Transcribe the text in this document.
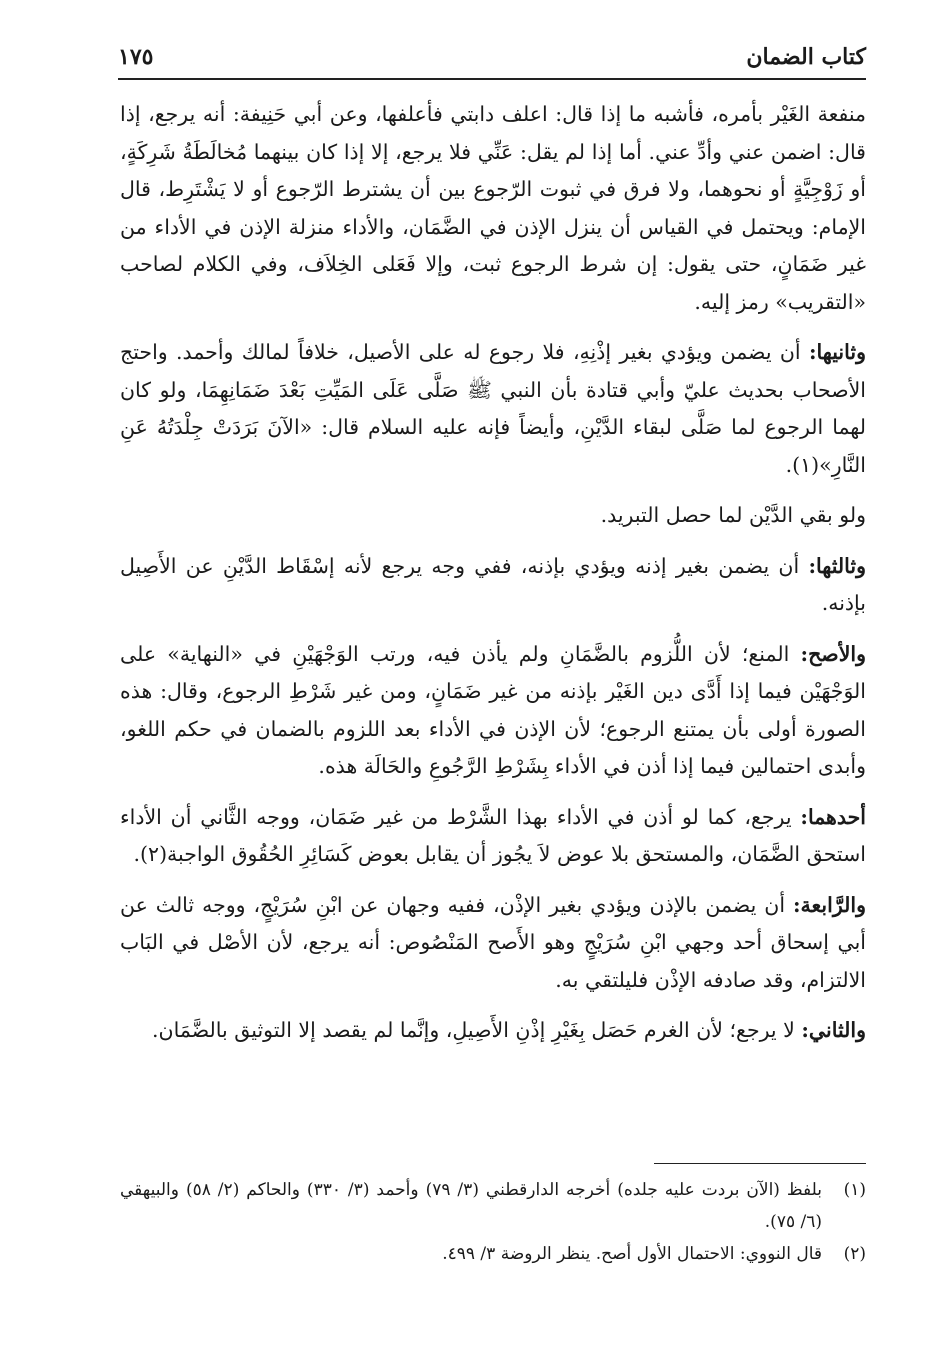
كتاب الضمان
١٧٥

منفعة الغَيْر بأمره، فأشبه ما إذا قال: اعلف دابتي فأعلفها، وعن أبي حَنِيفة: أنه يرجع، إذا قال: اضمن عني وأدِّ عني. أما إذا لم يقل: عَنِّي فلا يرجع، إلا إذا كان بينهما مُخالَطَةُ شَرِكَةٍ، أو زَوْجِيَّةٍ أو نحوهما، ولا فرق في ثبوت الرّجوع بين أن يشترط الرّجوع أو لا يَشْتَرِط، قال الإمام: ويحتمل في القياس أن ينزل الإذن في الضَّمَان، والأداء منزلة الإذن في الأداء من غير ضَمَانٍ، حتى يقول: إن شرط الرجوع ثبت، وإلا فَعَلى الخِلاَف، وفي الكلام لصاحب «التقريب» رمز إليه.

وثانيها: أن يضمن ويؤدي بغير إذْنِهِ، فلا رجوع له على الأصيل، خلافاً لمالك وأحمد. واحتج الأصحاب بحديث عليّ وأبي قتادة بأن النبي ﷺ صَلَّى عَلَى المَيِّتِ بَعْدَ ضَمَانِهِمَا، ولو كان لهما الرجوع لما صَلَّى لبقاء الدَّيْنِ، وأيضاً فإنه عليه السلام قال: «الآنَ بَرَدَتْ جِلْدَتُهُ عَنِ النَّارِ»(١).

ولو بقي الدَّيْن لما حصل التبريد.

وثالثها: أن يضمن بغير إذنه ويؤدي بإذنه، ففي وجه يرجع لأنه إسْقَاط الدَّيْنِ عن الأَصِيل بإذنه.

والأصح: المنع؛ لأن اللُّزوم بالضَّمَانِ ولم يأذن فيه، ورتب الوَجْهَيْنِ في «النهاية» على الوَجْهَيْن فيما إذا أَدَّى دين الغَيْر بإذنه من غير ضَمَانٍ، ومن غير شَرْطِ الرجوع، وقال: هذه الصورة أولى بأن يمتنع الرجوع؛ لأن الإذن في الأداء بعد اللزوم بالضمان في حكم اللغو، وأبدى احتمالين فيما إذا أذن في الأداء بِشَرْطِ الرَّجُوعِ والحَالَة هذه.

أحدهما: يرجع، كما لو أذن في الأداء بهذا الشَّرْط من غير ضَمَان، ووجه الثَّاني أن الأداء استحق الضَّمَان، والمستحق بلا عوض لاَ يجُوز أن يقابل بعوض كَسَائِرِ الحُقُوق الواجبة(٢).

والرَّابعة: أن يضمن بالإذن ويؤدي بغير الإذْن، ففيه وجهان عن ابْنِ سُرَيْجٍ، ووجه ثالث عن أبي إسحاق أحد وجهي ابْنِ سُرَيْجٍ وهو الأَصح المَنْصُوص: أنه يرجع، لأن الأصْل في البَاب الالتزام، وقد صادفه الإذْن فليلتقي به.

والثاني: لا يرجع؛ لأن الغرم حَصَل بِغَيْرِ إذْنِ الأَصِيلِ، وإنَّما لم يقصد إلا التوثيق بالضَّمَان.

(١)
بلفظ (الآن بردت عليه جلده) أخرجه الدارقطني (٣/ ٧٩) وأحمد (٣/ ٣٣٠) والحاكم (٢/ ٥٨) والبيهقي (٦/ ٧٥).
(٢)
قال النووي: الاحتمال الأول أصح. ينظر الروضة ٣/ ٤٩٩.
